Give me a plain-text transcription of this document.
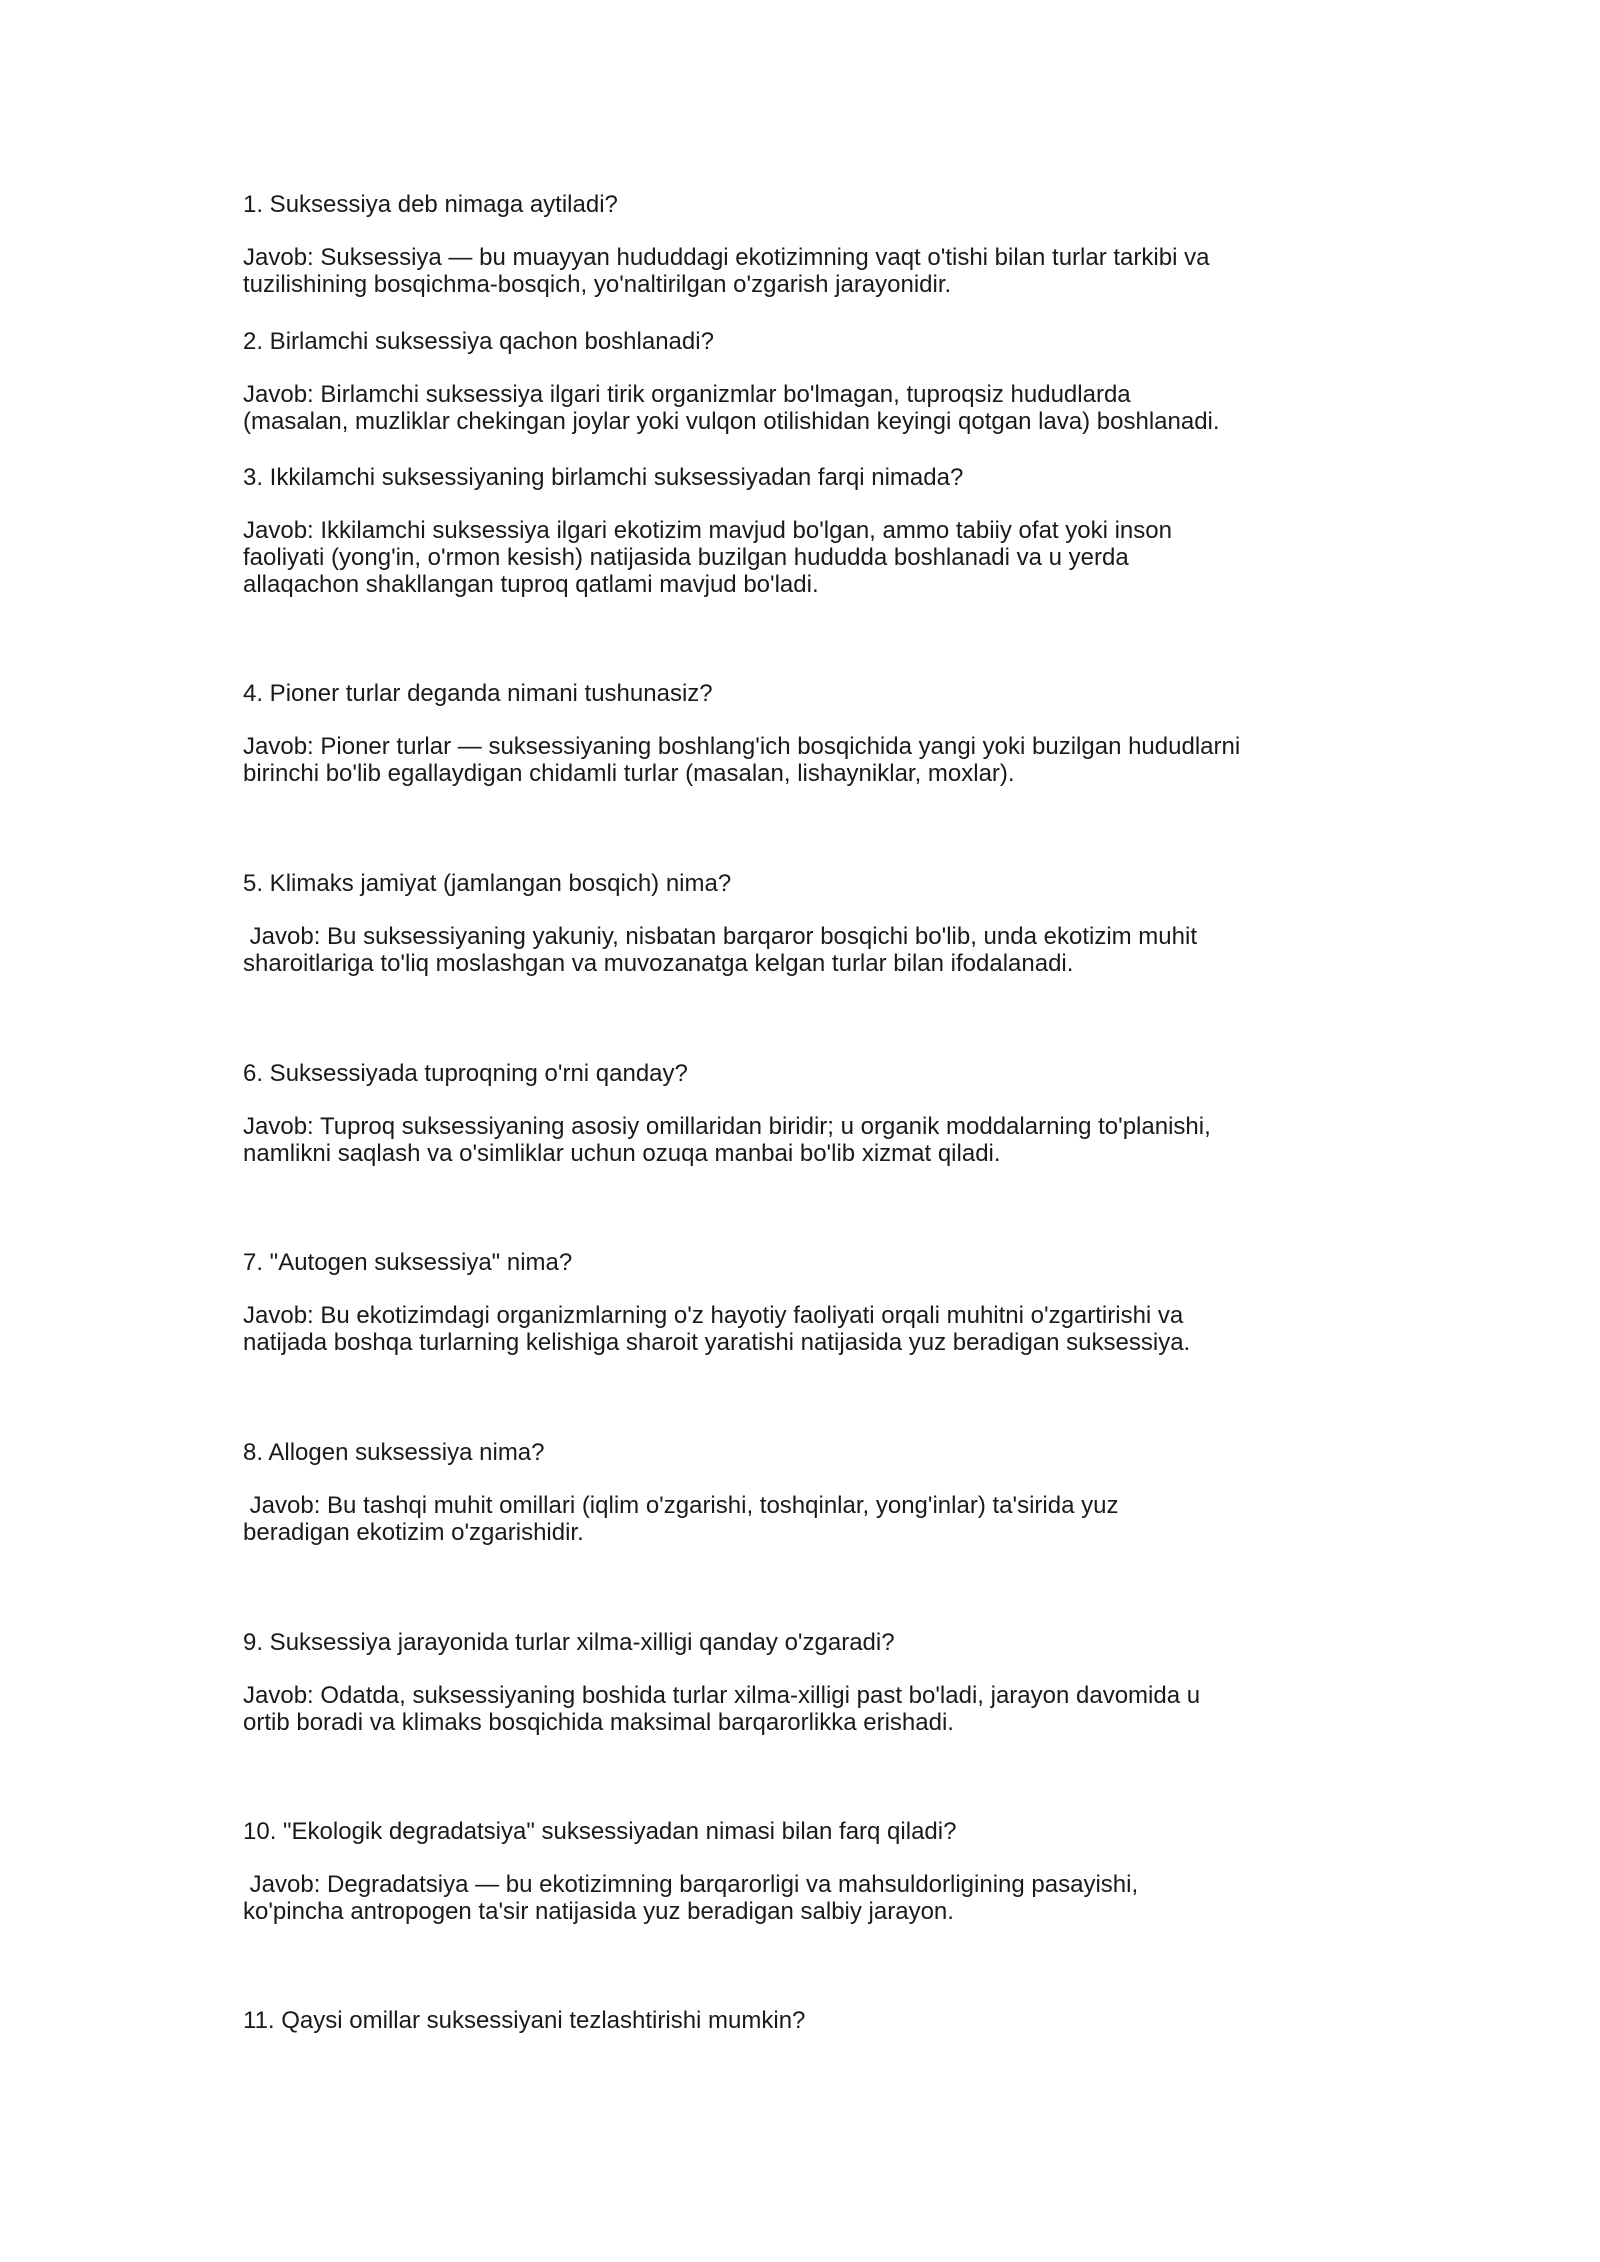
1. Suksessiya deb nimaga aytiladi?

Javob: Suksessiya — bu muayyan hududdagi ekotizimning vaqt o'tishi bilan turlar tarkibi va
tuzilishining bosqichma-bosqich, yo'naltirilgan o'zgarish jarayonidir.

2. Birlamchi suksessiya qachon boshlanadi?

Javob: Birlamchi suksessiya ilgari tirik organizmlar bo'lmagan, tuproqsiz hududlarda
(masalan, muzliklar chekingan joylar yoki vulqon otilishidan keyingi qotgan lava) boshlanadi.

3. Ikkilamchi suksessiyaning birlamchi suksessiyadan farqi nimada?

Javob: Ikkilamchi suksessiya ilgari ekotizim mavjud bo'lgan, ammo tabiiy ofat yoki inson
faoliyati (yong'in, o'rmon kesish) natijasida buzilgan hududda boshlanadi va u yerda
allaqachon shakllangan tuproq qatlami mavjud bo'ladi.

4. Pioner turlar deganda nimani tushunasiz?

Javob: Pioner turlar — suksessiyaning boshlang'ich bosqichida yangi yoki buzilgan hududlarni
birinchi bo'lib egallaydigan chidamli turlar (masalan, lishayniklar, moxlar).

5. Klimaks jamiyat (jamlangan bosqich) nima?

Javob: Bu suksessiyaning yakuniy, nisbatan barqaror bosqichi bo'lib, unda ekotizim muhit
sharoitlariga to'liq moslashgan va muvozanatga kelgan turlar bilan ifodalanadi.

6. Suksessiyada tuproqning o'rni qanday?

Javob: Tuproq suksessiyaning asosiy omillaridan biridir; u organik moddalarning to'planishi,
namlikni saqlash va o'simliklar uchun ozuqa manbai bo'lib xizmat qiladi.

7. "Autogen suksessiya" nima?

Javob: Bu ekotizimdagi organizmlarning o'z hayotiy faoliyati orqali muhitni o'zgartirishi va
natijada boshqa turlarning kelishiga sharoit yaratishi natijasida yuz beradigan suksessiya.

8. Allogen suksessiya nima?

Javob: Bu tashqi muhit omillari (iqlim o'zgarishi, toshqinlar, yong'inlar) ta'sirida yuz
beradigan ekotizim o'zgarishidir.

9. Suksessiya jarayonida turlar xilma-xilligi qanday o'zgaradi?

Javob: Odatda, suksessiyaning boshida turlar xilma-xilligi past bo'ladi, jarayon davomida u
ortib boradi va klimaks bosqichida maksimal barqarorlikka erishadi.

10. "Ekologik degradatsiya" suksessiyadan nimasi bilan farq qiladi?

Javob: Degradatsiya — bu ekotizimning barqarorligi va mahsuldorligining pasayishi,
ko'pincha antropogen ta'sir natijasida yuz beradigan salbiy jarayon.

11. Qaysi omillar suksessiyani tezlashtirishi mumkin?
